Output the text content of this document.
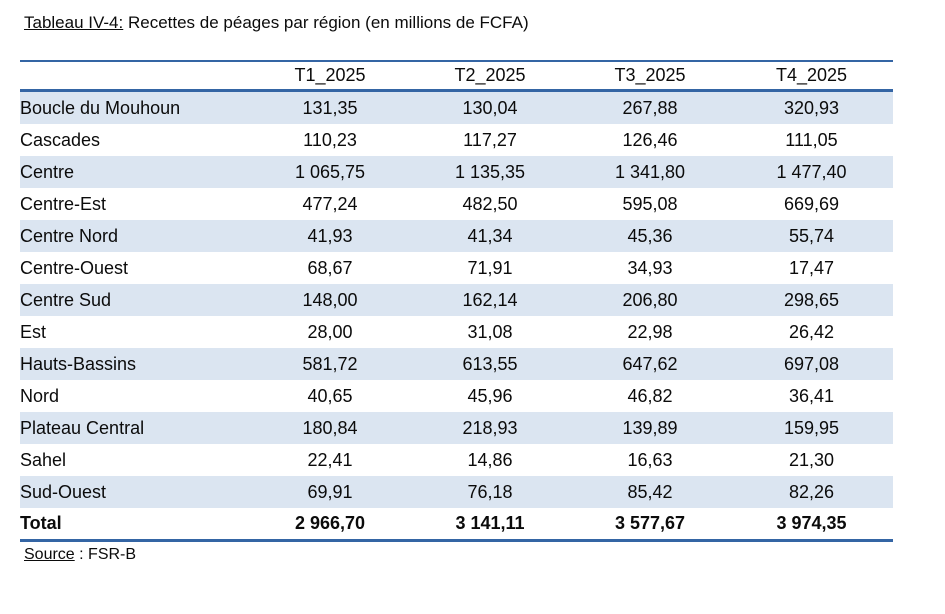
Tableau IV-4: Recettes de péages par région (en millions de FCFA)
	T1_2025	T2_2025	T3_2025	T4_2025
Boucle du Mouhoun	131,35	130,04	267,88	320,93
Cascades	110,23	117,27	126,46	111,05
Centre	1 065,75	1 135,35	1 341,80	1 477,40
Centre-Est	477,24	482,50	595,08	669,69
Centre Nord	41,93	41,34	45,36	55,74
Centre-Ouest	68,67	71,91	34,93	17,47
Centre Sud	148,00	162,14	206,80	298,65
Est	28,00	31,08	22,98	26,42
Hauts-Bassins	581,72	613,55	647,62	697,08
Nord	40,65	45,96	46,82	36,41
Plateau Central	180,84	218,93	139,89	159,95
Sahel	22,41	14,86	16,63	21,30
Sud-Ouest	69,91	76,18	85,42	82,26
Total	2 966,70	3 141,11	3 577,67	3 974,35
Source : FSR-B
